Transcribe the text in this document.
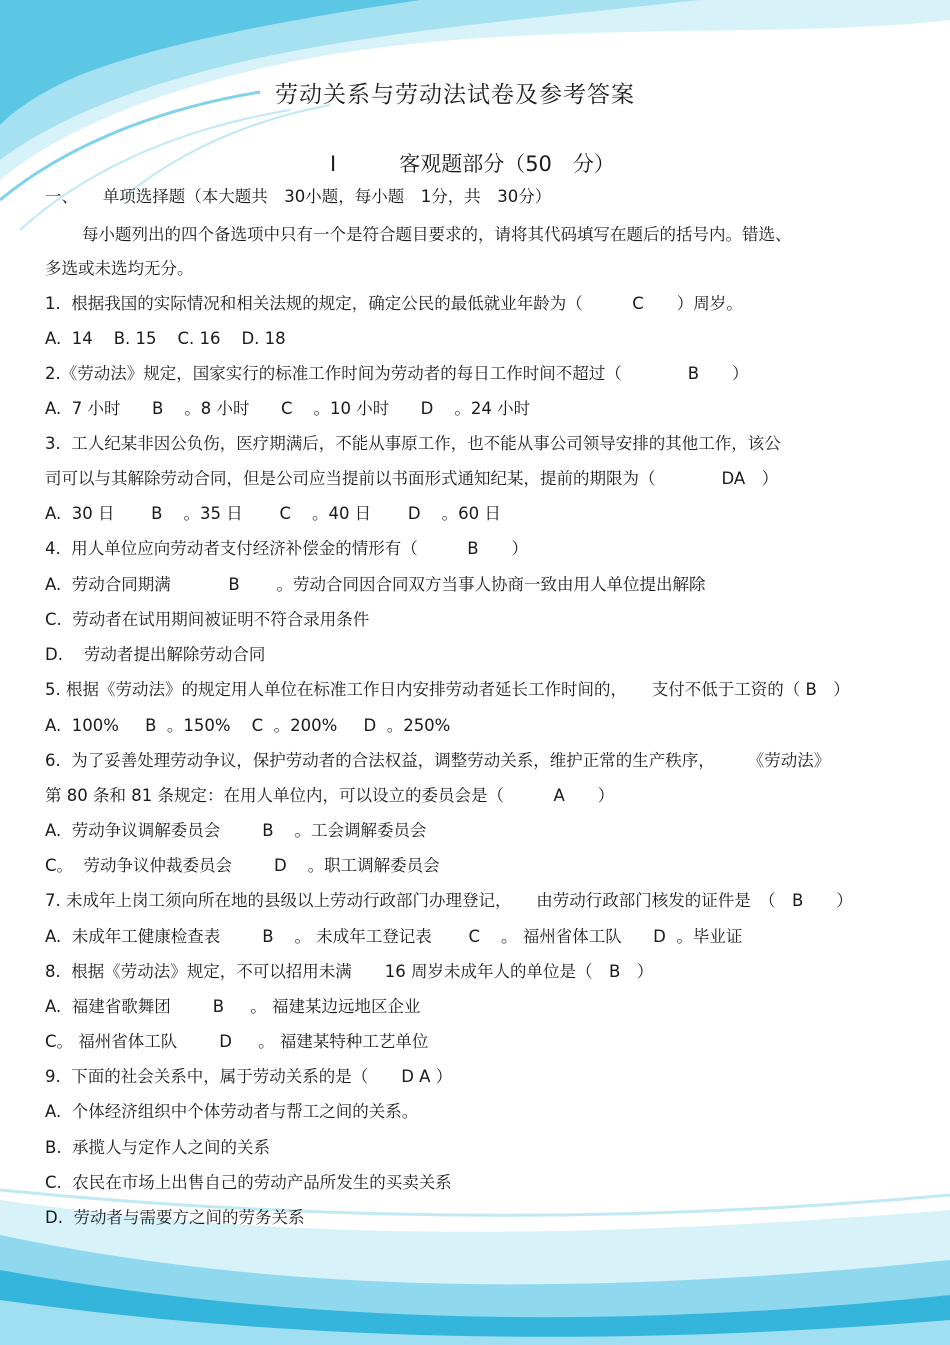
劳动关系与劳动法试卷及参考答案
I　　　客观题部分（50　分）
一、　　单项选择题（本大题共　30小题，每小题　1分，共　30分）
每小题列出的四个备选项中只有一个是符合题目要求的，请将其代码填写在题后的括号内。错选、
多选或未选均无分。
1.  根据我国的实际情况和相关法规的规定，确定公民的最低就业年龄为（　　　C　　）周岁。
A.  14    B. 15    C. 16    D. 18
2.《劳动法》规定，国家实行的标准工作时间为劳动者的每日工作时间不超过（　　　　B　　）
A.  7 小时      B    。8 小时      C    。10 小时      D    。24 小时
3.  工人纪某非因公负伤，医疗期满后，不能从事原工作，也不能从事公司领导安排的其他工作，该公
司可以与其解除劳动合同，但是公司应当提前以书面形式通知纪某，提前的期限为（　　　　DA　）
A.  30 日       B    。35 日       C    。40 日       D    。60 日
4.  用人单位应向劳动者支付经济补偿金的情形有（　　　B　　）
A.  劳动合同期满           B       。劳动合同因合同双方当事人协商一致由用人单位提出解除
C.  劳动者在试用期间被证明不符合录用条件
D.    劳动者提出解除劳动合同
5. 根据《劳动法》的规定用人单位在标准工作日内安排劳动者延长工作时间的，　　支付不低于工资的（ B　）
A.  100%     B  。150%    C  。200%     D  。250%
6.  为了妥善处理劳动争议，保护劳动者的合法权益，调整劳动关系，维护正常的生产秩序，　　　《劳动法》
第 80 条和 81 条规定：在用人单位内，可以设立的委员会是（　　　A　　）
A.  劳动争议调解委员会        B    。工会调解委员会
C。  劳动争议仲裁委员会        D    。职工调解委员会
7. 未成年上岗工须向所在地的县级以上劳动行政部门办理登记，　　由劳动行政部门核发的证件是　（　B　　）
A.  未成年工健康检查表        B    。 未成年工登记表       C    。 福州省体工队      D  。毕业证
8.  根据《劳动法》规定，不可以招用未满　　16 周岁未成年人的单位是（　B　）
A.  福建省歌舞团        B     。 福建某边远地区企业
C。 福州省体工队        D     。 福建某特种工艺单位
9.  下面的社会关系中，属于劳动关系的是（　　D A ）
A.  个体经济组织中个体劳动者与帮工之间的关系。
B.  承揽人与定作人之间的关系
C.  农民在市场上出售自己的劳动产品所发生的买卖关系
D.  劳动者与需要方之间的劳务关系
